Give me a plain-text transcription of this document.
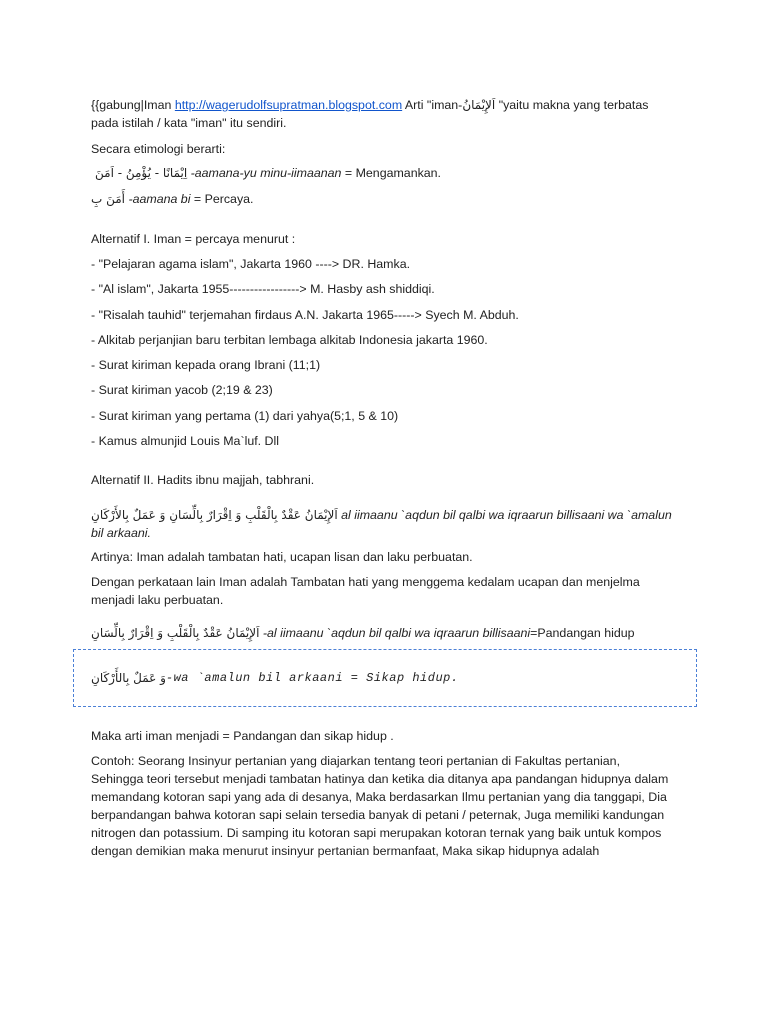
{{gabung|Iman http://wagerudolfsupratman.blogspot.com Arti "iman-اَلإِيْمَانُ "yaitu makna yang terbatas
pada istilah / kata "iman" itu sendiri.

Secara etimologi berarti:

اِيْمَانًا - يُؤْمِنُ - اَمَنَ -aamana-yu minu-iimaanan = Mengamankan.

أَمَنَ بِ -aamana bi = Percaya.

Alternatif I. Iman = percaya menurut :

- "Pelajaran agama islam", Jakarta 1960 ----> DR. Hamka.

- "Al islam", Jakarta 1955-----------------> M. Hasby ash shiddiqi.

- "Risalah tauhid" terjemahan firdaus A.N. Jakarta 1965-----> Syech M. Abduh.

- Alkitab perjanjian baru terbitan lembaga alkitab Indonesia jakarta 1960.

- Surat kiriman kepada orang Ibrani (11;1)

- Surat kiriman yacob (2;19 & 23)

- Surat kiriman yang pertama (1) dari yahya(5;1, 5 & 10)

- Kamus almunjid Louis Ma`luf. Dll

Alternatif II. Hadits ibnu majjah, tabhrani.

اَلإِيْمَانُ عَقْدٌ بِالْقَلْبِ وَ اِقْرَارٌ بِالِّسَانِ وَ عَمَلٌ بِالأَرْكَانِ al iimaanu `aqdun bil qalbi wa iqraarun billisaani wa `amalun
bil arkaani.

Artinya: Iman adalah tambatan hati, ucapan lisan dan laku perbuatan.

Dengan perkataan lain Iman adalah Tambatan hati yang menggema kedalam ucapan dan menjelma
menjadi laku perbuatan.

اَلإِيْمَانُ عَقْدٌ بِالْقَلْبِ وَ اِقْرَارٌ بِالِّسَانِ -al iimaanu `aqdun bil qalbi wa iqraarun billisaani=Pandangan hidup

وَ عَمَلٌ بِالأَرْكَانِ -wa `amalun bil arkaani = Sikap hidup.

Maka arti iman menjadi = Pandangan dan sikap hidup .

Contoh: Seorang Insinyur pertanian yang diajarkan tentang teori pertanian di Fakultas pertanian,
Sehingga teori tersebut menjadi tambatan hatinya dan ketika dia ditanya apa pandangan hidupnya dalam
memandang kotoran sapi yang ada di desanya, Maka berdasarkan Ilmu pertanian yang dia tanggapi, Dia
berpandangan bahwa kotoran sapi selain tersedia banyak di petani / peternak, Juga memiliki kandungan
nitrogen dan potassium. Di samping itu kotoran sapi merupakan kotoran ternak yang baik untuk kompos
dengan demikian maka menurut insinyur pertanian bermanfaat, Maka sikap hidupnya adalah
